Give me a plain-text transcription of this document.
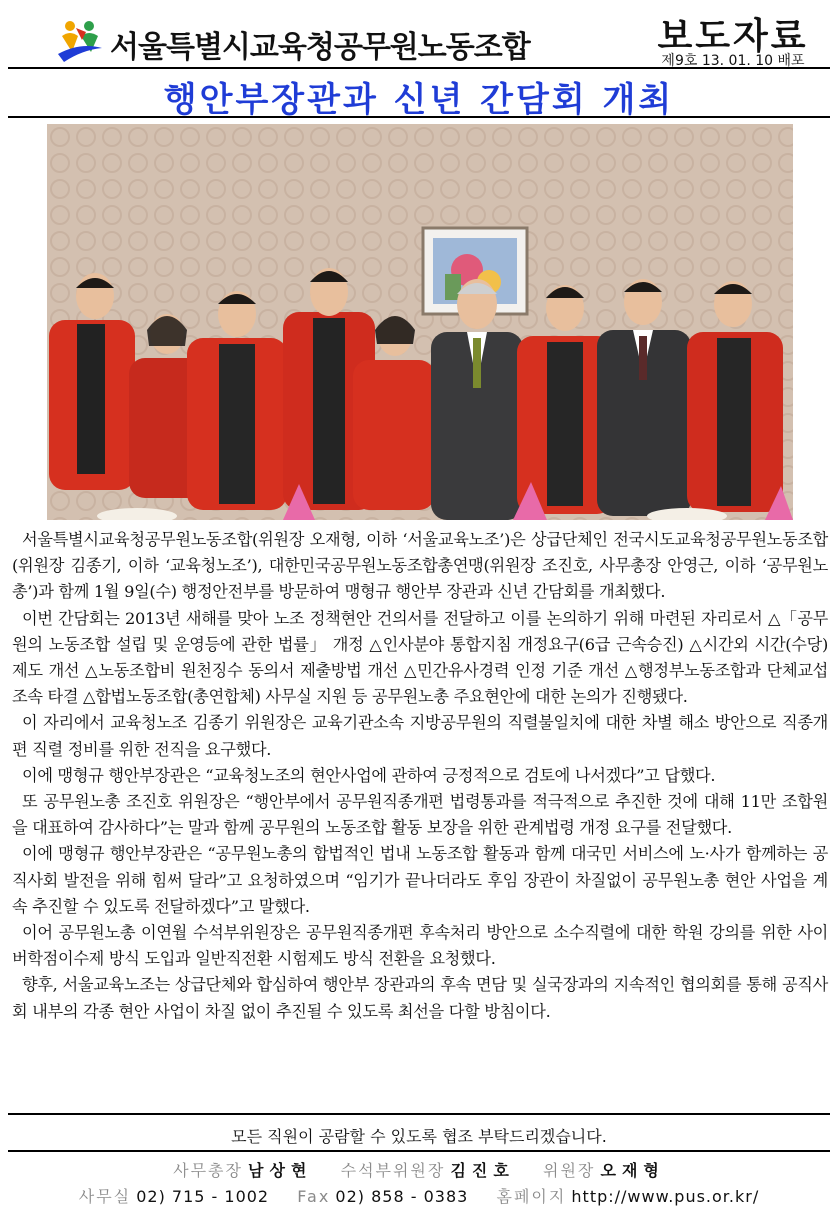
서울특별시교육청공무원노동조합	보도자료
제9호 13. 01. 10 배포
행안부장관과 신년 간담회 개최

서울특별시교육청공무원노동조합(위원장 오재형, 이하 ‘서울교육노조’)은 상급단체인 전국시도교육청공무원노동조합(위원장 김종기, 이하 ‘교육청노조’), 대한민국공무원노동조합총연맹(위원장 조진호, 사무총장 안영근, 이하 ‘공무원노총’)과 함께 1월 9일(수) 행정안전부를 방문하여 맹형규 행안부 장관과 신년 간담회를 개최했다.

이번 간담회는 2013년 새해를 맞아 노조 정책현안 건의서를 전달하고 이를 논의하기 위해 마련된 자리로서 △「공무원의 노동조합 설립 및 운영등에 관한 법률」 개정 △인사분야 통합지침 개정요구(6급 근속승진) △시간외 시간(수당) 제도 개선 △노동조합비 원천징수 동의서 제출방법 개선 △민간유사경력 인정 기준 개선 △행정부노동조합과 단체교섭 조속 타결 △합법노동조합(총연합체) 사무실 지원 등 공무원노총 주요현안에 대한 논의가 진행됐다.

이 자리에서 교육청노조 김종기 위원장은 교육기관소속 지방공무원의 직렬불일치에 대한 차별 해소 방안으로 직종개편 직렬 정비를 위한 전직을 요구했다.

이에 맹형규 행안부장관은 “교육청노조의 현안사업에 관하여 긍정적으로 검토에 나서겠다”고 답했다.

또 공무원노총 조진호 위원장은 “행안부에서 공무원직종개편 법령통과를 적극적으로 추진한 것에 대해 11만 조합원을 대표하여 감사하다”는 말과 함께 공무원의 노동조합 활동 보장을 위한 관계법령 개정 요구를 전달했다.

이에 맹형규 행안부장관은 “공무원노총의 합법적인 법내 노동조합 활동과 함께 대국민 서비스에 노·사가 함께하는 공직사회 발전을 위해 힘써 달라”고 요청하였으며 “임기가 끝나더라도 후임 장관이 차질없이 공무원노총 현안 사업을 계속 추진할 수 있도록 전달하겠다”고 말했다.

이어 공무원노총 이연월 수석부위원장은 공무원직종개편 후속처리 방안으로 소수직렬에 대한 학원 강의를 위한 사이버학점이수제 방식 도입과 일반직전환 시험제도 방식 전환을 요청했다.

향후, 서울교육노조는 상급단체와 합심하여 행안부 장관과의 후속 면담 및 실국장과의 지속적인 협의회를 통해 공직사회 내부의 각종 현안 사업이 차질 없이 추진될 수 있도록 최선을 다할 방침이다.

모든 직원이 공람할 수 있도록 협조 부탁드리겠습니다.
사무총장 남상현 수석부위원장 김진호 위원장 오재형
사무실 02) 715 - 1002 Fax 02) 858 - 0383 홈페이지 http://www.pus.or.kr/
